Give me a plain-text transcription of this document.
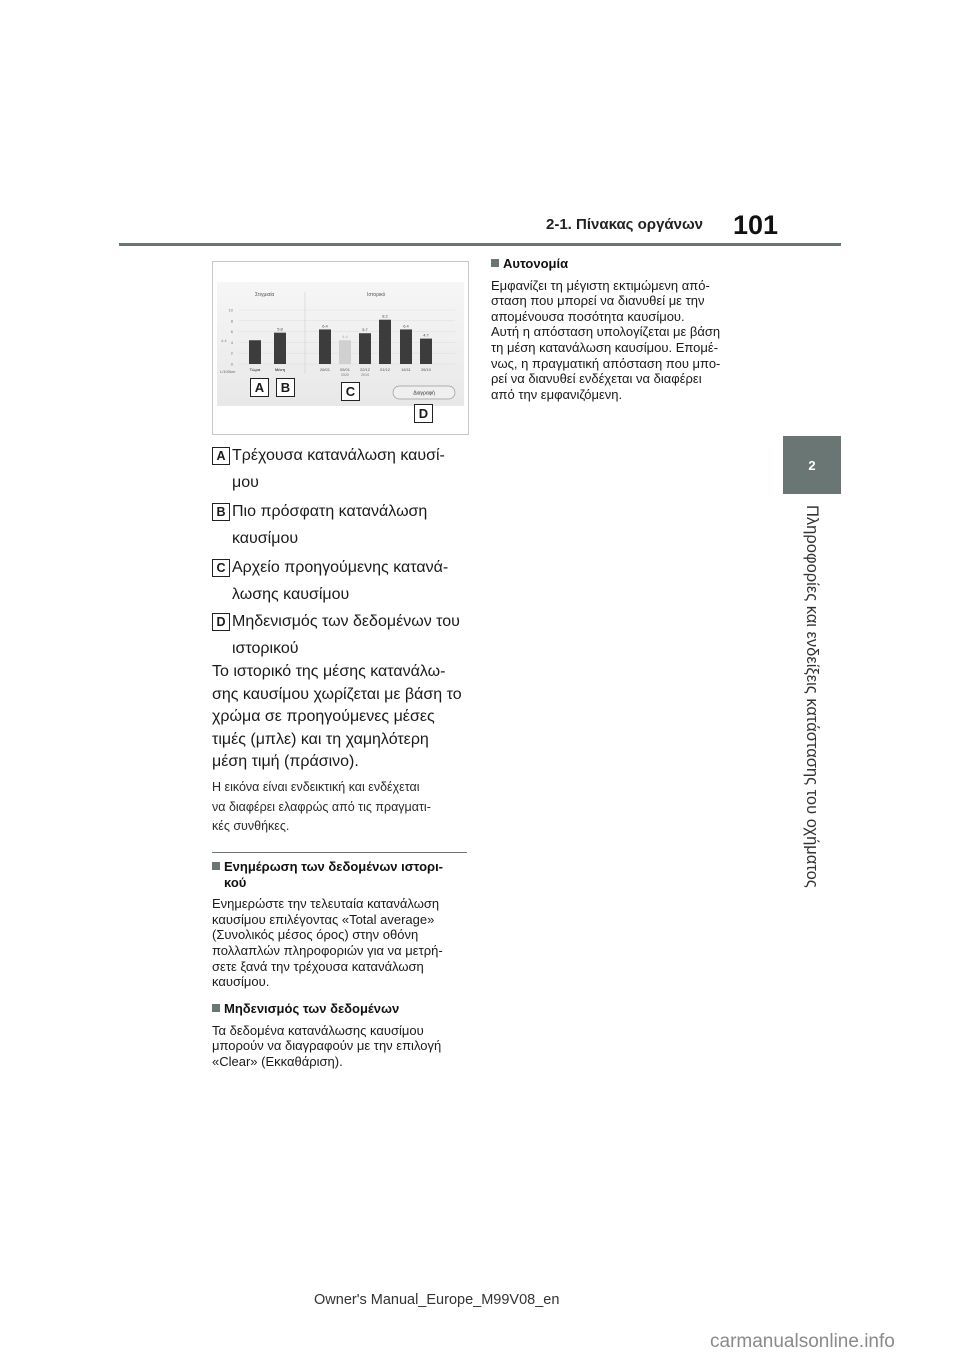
2-1. Πίνακας οργάνων 101
2
Πληροφορίες και ενδείξεις κατάστασης του οχήματος
10
8
6
4
2
0
Τώρα
5.8
Μέση
6.4
26/01
4.4
05/01
2020
5.7
22/12
2019
8.2
01/12
6.4
16/11
4.7
26/10
Στιγμιαία	Ιστορικό
L/100km
4.4
Διαγραφή
A	B	C
D
A Τρέχουσα κατανάλωση καυσί-
μου
B Πιο πρόσφατη κατανάλωση
καυσίμου
C Αρχείο προηγούμενης κατανά-
λωσης καυσίμου
D Μηδενισμός των δεδομένων του
ιστορικού
Το ιστορικό της μέσης κατανάλω-
σης καυσίμου χωρίζεται με βάση το
χρώμα σε προηγούμενες μέσες
τιμές (μπλε) και τη χαμηλότερη
μέση τιμή (πράσινο).
Η εικόνα είναι ενδεικτική και ενδέχεται
να διαφέρει ελαφρώς από τις πραγματι-
κές συνθήκες.
Ενημέρωση των δεδομένων ιστορι-
κού
Ενημερώστε την τελευταία κατανάλωση
καυσίμου επιλέγοντας «Total average»
(Συνολικός μέσος όρος) στην οθόνη
πολλαπλών πληροφοριών για να μετρή-
σετε ξανά την τρέχουσα κατανάλωση
καυσίμου.
Μηδενισμός των δεδομένων
Τα δεδομένα κατανάλωσης καυσίμου
μπορούν να διαγραφούν με την επιλογή
«Clear» (Εκκαθάριση).
Αυτονομία
Εμφανίζει τη μέγιστη εκτιμώμενη από-
σταση που μπορεί να διανυθεί με την
απομένουσα ποσότητα καυσίμου.
Αυτή η απόσταση υπολογίζεται με βάση
τη μέση κατανάλωση καυσίμου. Επομέ-
νως, η πραγματική απόσταση που μπο-
ρεί να διανυθεί ενδέχεται να διαφέρει
από την εμφανιζόμενη.
Owner's Manual_Europe_M99V08_en
carmanualsonline.info
